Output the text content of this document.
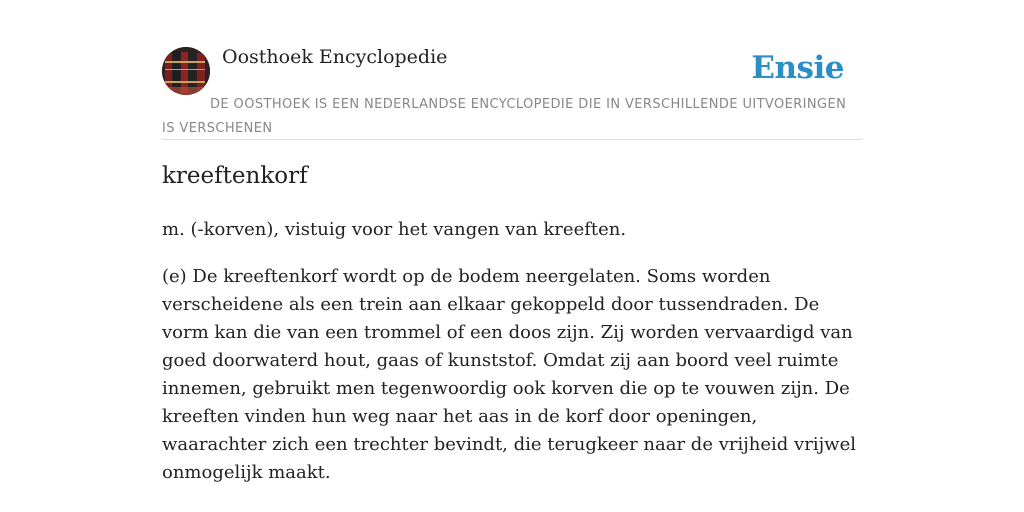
Oosthoek Encyclopedie	Ensie
DE OOSTHOEK IS EEN NEDERLANDSE ENCYCLOPEDIE DIE IN VERSCHILLENDE UITVOERINGEN IS VERSCHENEN
kreeftenkorf

m. (-korven), vistuig voor het vangen van kreeften.

(e) De kreeftenkorf wordt op de bodem neergelaten. Soms worden verscheidene als een trein aan elkaar gekoppeld door tussendraden. De vorm kan die van een trommel of een doos zijn. Zij worden vervaardigd van goed doorwaterd hout, gaas of kunststof. Omdat zij aan boord veel ruimte innemen, gebruikt men tegenwoordig ook korven die op te vouwen zijn. De kreeften vinden hun weg naar het aas in de korf door openingen, waarachter zich een trechter bevindt, die terugkeer naar de vrijheid vrijwel onmogelijk maakt.
